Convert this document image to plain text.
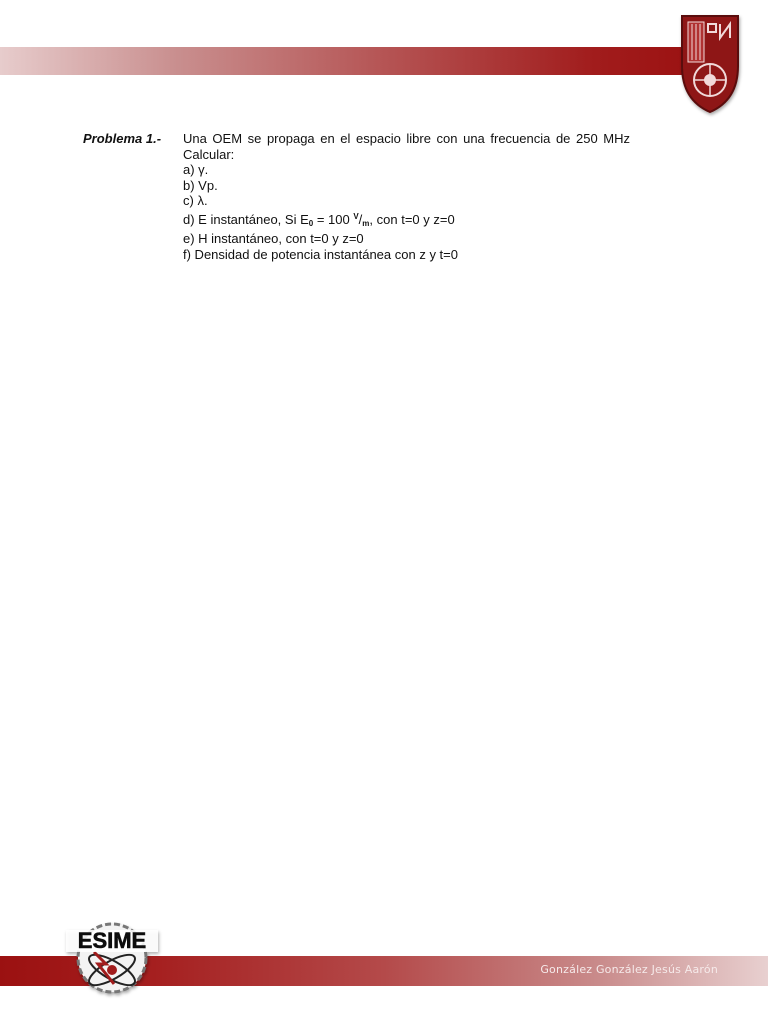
Problema 1.- Una OEM se propaga en el espacio libre con una frecuencia de 250 MHz Calcular:
a) γ.
b) Vp.
c) λ.
d) E instantáneo, Si $E_0 = 100$ $^V/_m$, con t=0 y z=0
e) H instantáneo, con t=0 y z=0
f) Densidad de potencia instantánea con z y t=0
González González Jesús Aarón
ESIME
